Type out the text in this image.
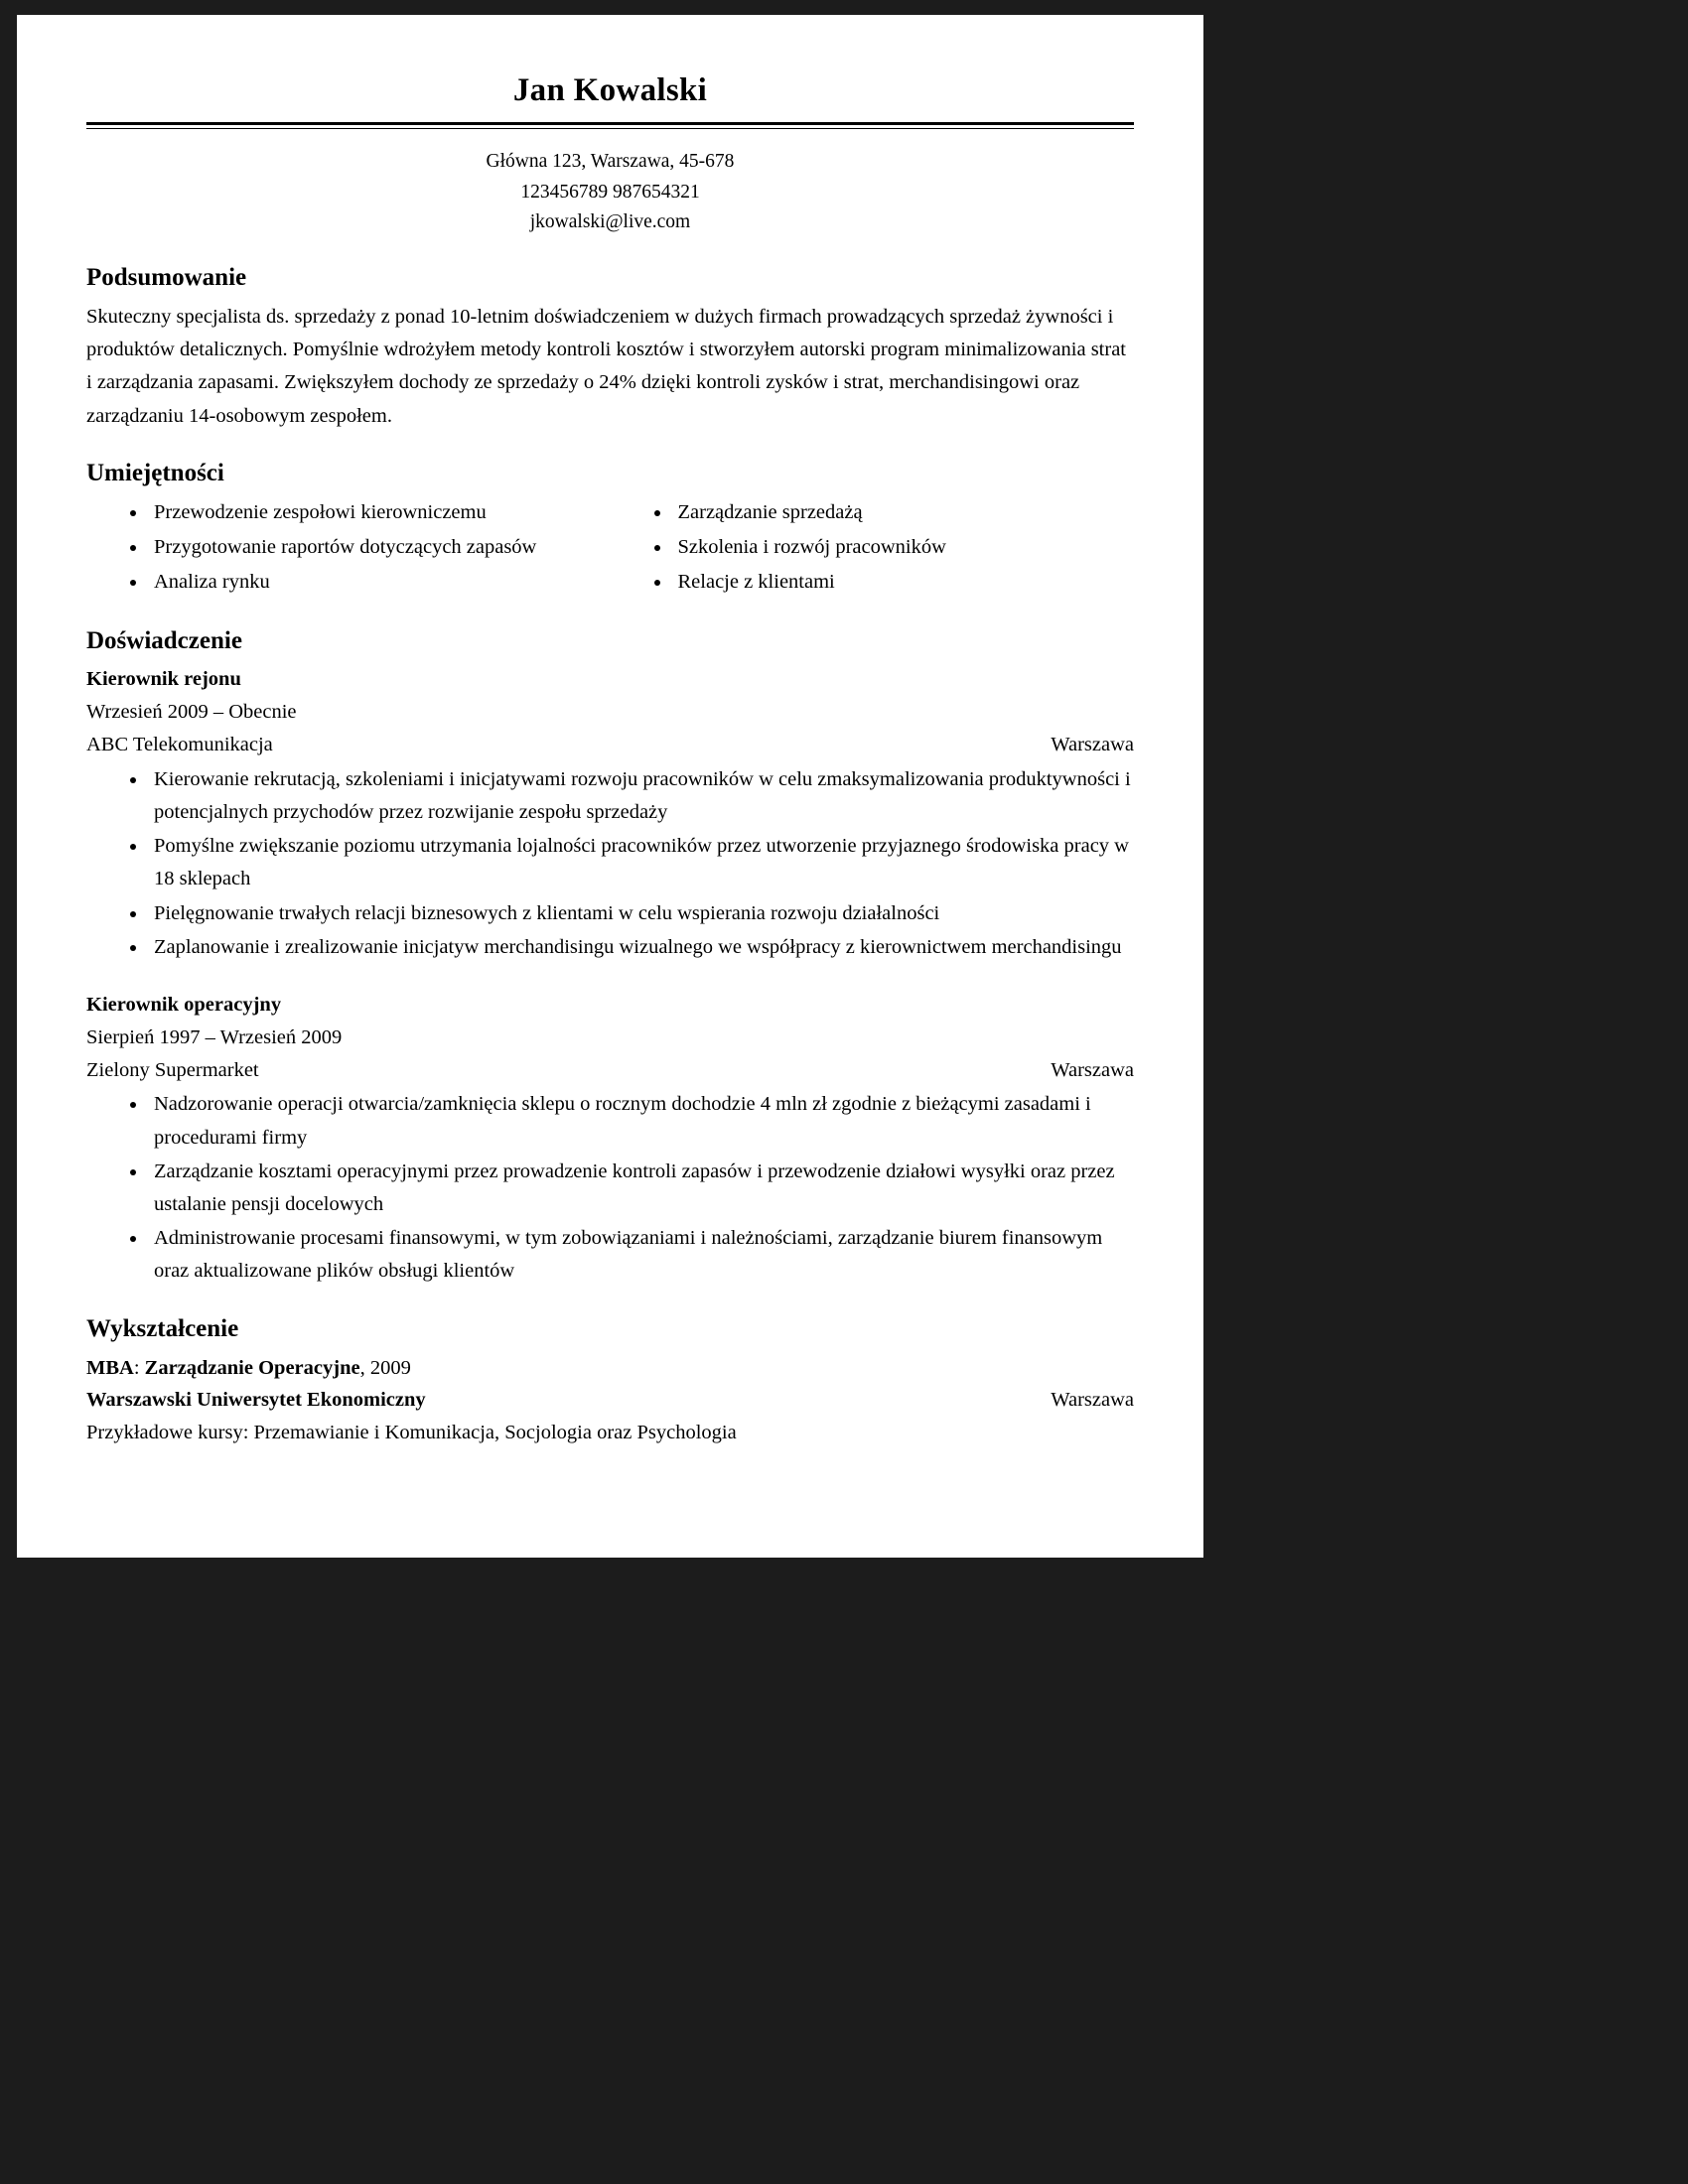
Jan Kowalski
Główna 123, Warszawa, 45-678
123456789 987654321
jkowalski@live.com
Podsumowanie

Skuteczny specjalista ds. sprzedaży z ponad 10-letnim doświadczeniem w dużych firmach prowadzących sprzedaż żywności i produktów detalicznych. Pomyślnie wdrożyłem metody kontroli kosztów i stworzyłem autorski program minimalizowania strat i zarządzania zapasami. Zwiększyłem dochody ze sprzedaży o 24% dzięki kontroli zysków i strat, merchandisingowi oraz zarządzaniu 14-osobowym zespołem.

Umiejętności
• Przewodzenie zespołowi kierowniczemu
• Przygotowanie raportów dotyczących zapasów
• Analiza rynku
• Zarządzanie sprzedażą
• Szkolenia i rozwój pracowników
• Relacje z klientami
Doświadczenie
Kierownik rejonu
Wrzesień 2009 – Obecnie
ABC Telekomunikacja	Warszawa
• Kierowanie rekrutacją, szkoleniami i inicjatywami rozwoju pracowników w celu zmaksymalizowania produktywności i potencjalnych przychodów przez rozwijanie zespołu sprzedaży
• Pomyślne zwiększanie poziomu utrzymania lojalności pracowników przez utworzenie przyjaznego środowiska pracy w 18 sklepach
• Pielęgnowanie trwałych relacji biznesowych z klientami w celu wspierania rozwoju działalności
• Zaplanowanie i zrealizowanie inicjatyw merchandisingu wizualnego we współpracy z kierownictwem merchandisingu
Kierownik operacyjny
Sierpień 1997 – Wrzesień 2009
Zielony Supermarket	Warszawa
• Nadzorowanie operacji otwarcia/zamknięcia sklepu o rocznym dochodzie 4 mln zł zgodnie z bieżącymi zasadami i procedurami firmy
• Zarządzanie kosztami operacyjnymi przez prowadzenie kontroli zapasów i przewodzenie działowi wysyłki oraz przez ustalanie pensji docelowych
• Administrowanie procesami finansowymi, w tym zobowiązaniami i należnościami, zarządzanie biurem finansowym oraz aktualizowane plików obsługi klientów
Wykształcenie
MBA: Zarządzanie Operacyjne, 2009
Warszawski Uniwersytet Ekonomiczny	Warszawa
Przykładowe kursy: Przemawianie i Komunikacja, Socjologia oraz Psychologia
